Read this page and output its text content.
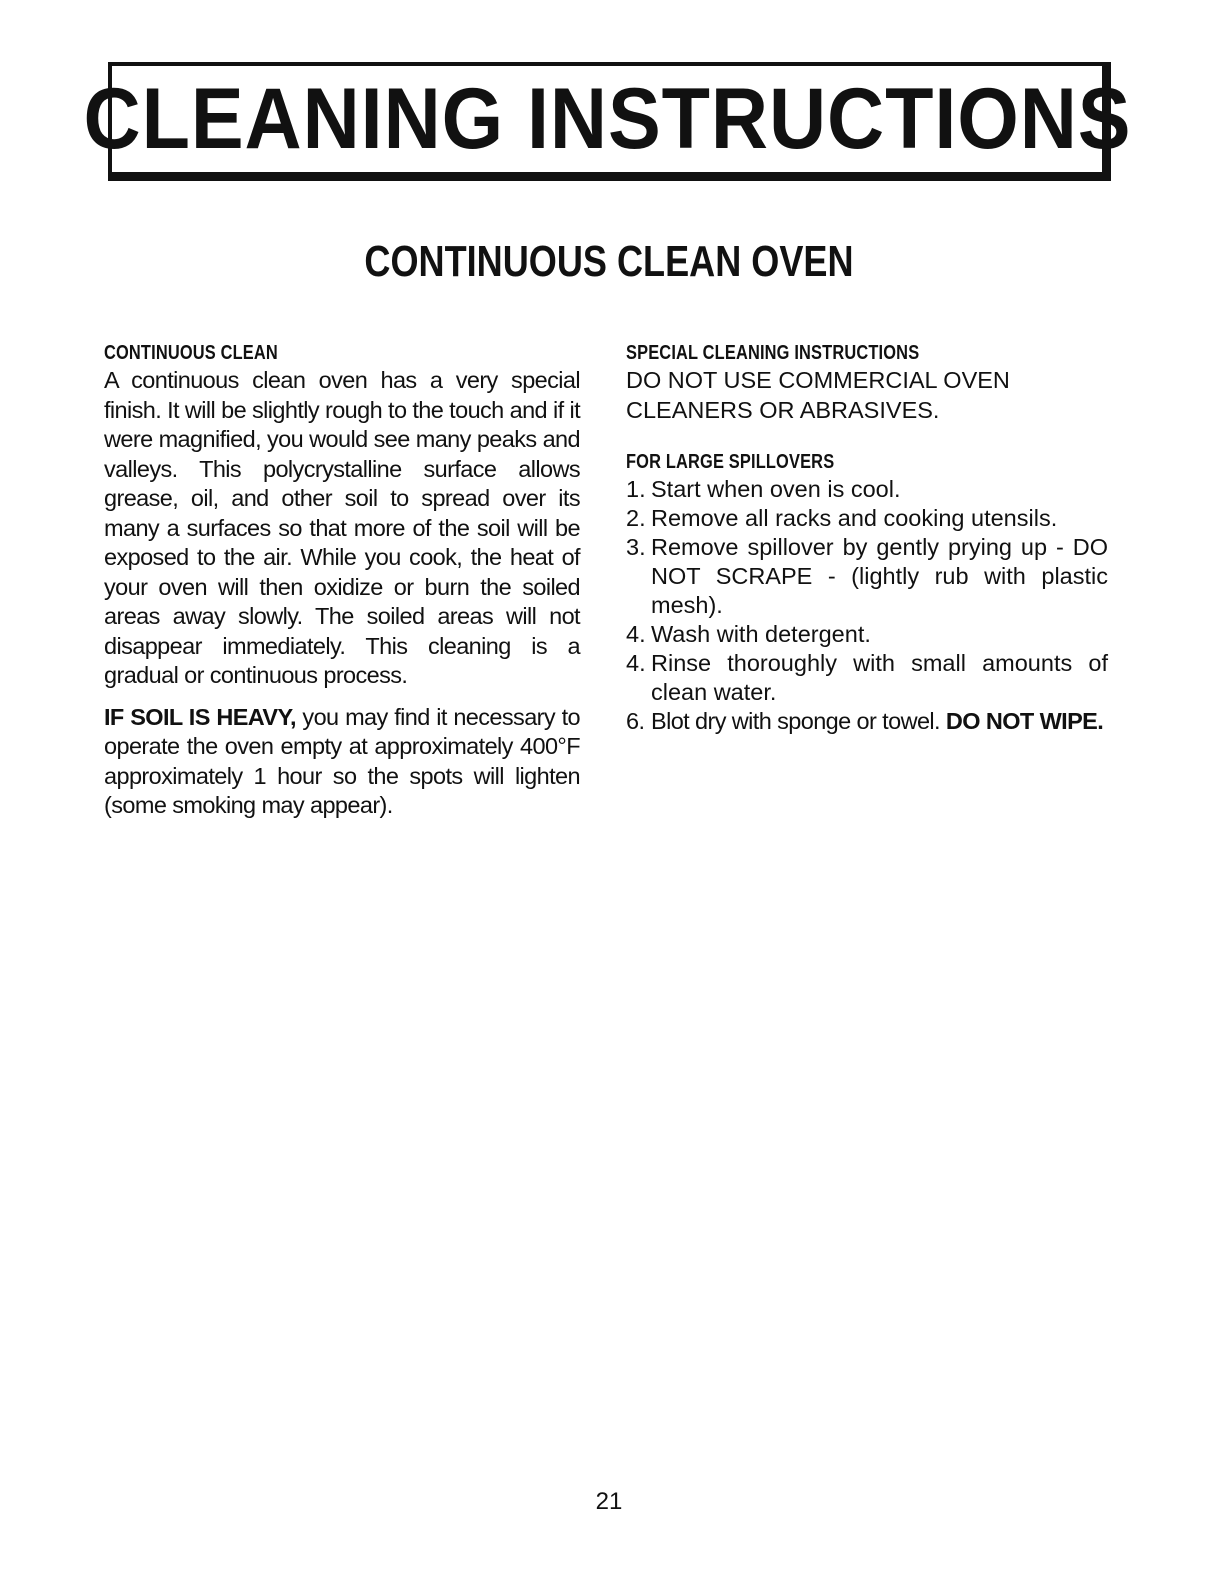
CLEANING INSTRUCTIONS
CONTINUOUS CLEAN OVEN
CONTINUOUS CLEAN

A continuous clean oven has a very special finish. It will be slightly rough to the touch and if it were magnified, you would see many peaks and valleys. This polycrystalline surface allows grease, oil, and other soil to spread over its many a surfaces so that more of the soil will be exposed to the air. While you cook, the heat of your oven will then oxidize or burn the soiled areas away slowly. The soiled areas will not disappear immediately. This cleaning is a gradual or continuous process.

IF SOIL IS HEAVY, you may find it necessary to operate the oven empty at approximately 400°F approximately 1 hour so the spots will lighten (some smoking may appear).

SPECIAL CLEANING INSTRUCTIONS

DO NOT USE COMMERCIAL OVEN CLEANERS OR ABRASIVES.

FOR LARGE SPILLOVERS
1. Start when oven is cool.
2. Remove all racks and cooking utensils.
3. Remove spillover by gently prying up - DO NOT SCRAPE - (lightly rub with plastic mesh).
4. Wash with detergent.
4. Rinse thoroughly with small amounts of clean water.
6. Blot dry with sponge or towel. DO NOT WIPE.
21
